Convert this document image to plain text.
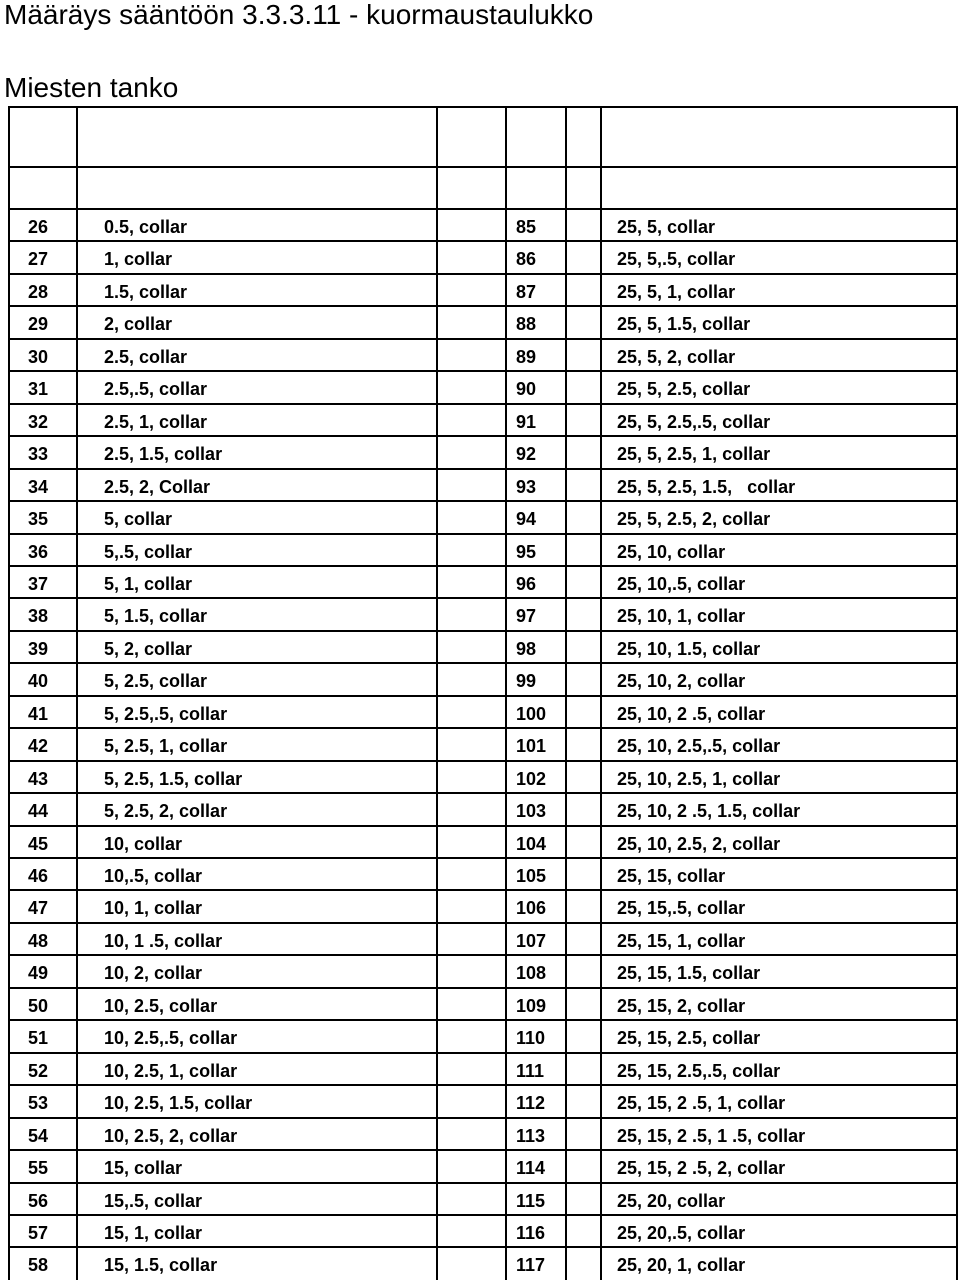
Määräys sääntöön 3.3.3.11 - kuormaustaulukko
Miesten tanko
26	0.5, collar	85	25, 5, collar
27	1, collar	86	25, 5,.5, collar
28	1.5, collar	87	25, 5, 1, collar
29	2, collar	88	25, 5, 1.5, collar
30	2.5, collar	89	25, 5, 2, collar
31	2.5,.5, collar	90	25, 5, 2.5, collar
32	2.5, 1, collar	91	25, 5, 2.5,.5, collar
33	2.5, 1.5, collar	92	25, 5, 2.5, 1, collar
34	2.5, 2, Collar	93	25, 5, 2.5, 1.5,   collar
35	5, collar	94	25, 5, 2.5, 2, collar
36	5,.5, collar	95	25, 10, collar
37	5, 1, collar	96	25, 10,.5, collar
38	5, 1.5, collar	97	25, 10, 1, collar
39	5, 2, collar	98	25, 10, 1.5, collar
40	5, 2.5, collar	99	25, 10, 2, collar
41	5, 2.5,.5, collar	100	25, 10, 2 .5, collar
42	5, 2.5, 1, collar	101	25, 10, 2.5,.5, collar
43	5, 2.5, 1.5, collar	102	25, 10, 2.5, 1, collar
44	5, 2.5, 2, collar	103	25, 10, 2 .5, 1.5, collar
45	10, collar	104	25, 10, 2.5, 2, collar
46	10,.5, collar	105	25, 15, collar
47	10, 1, collar	106	25, 15,.5, collar
48	10, 1 .5, collar	107	25, 15, 1, collar
49	10, 2, collar	108	25, 15, 1.5, collar
50	10, 2.5, collar	109	25, 15, 2, collar
51	10, 2.5,.5, collar	110	25, 15, 2.5, collar
52	10, 2.5, 1, collar	111	25, 15, 2.5,.5, collar
53	10, 2.5, 1.5, collar	112	25, 15, 2 .5, 1, collar
54	10, 2.5, 2, collar	113	25, 15, 2 .5, 1 .5, collar
55	15, collar	114	25, 15, 2 .5, 2, collar
56	15,.5, collar	115	25, 20, collar
57	15, 1, collar	116	25, 20,.5, collar
58	15, 1.5, collar	117	25, 20, 1, collar
